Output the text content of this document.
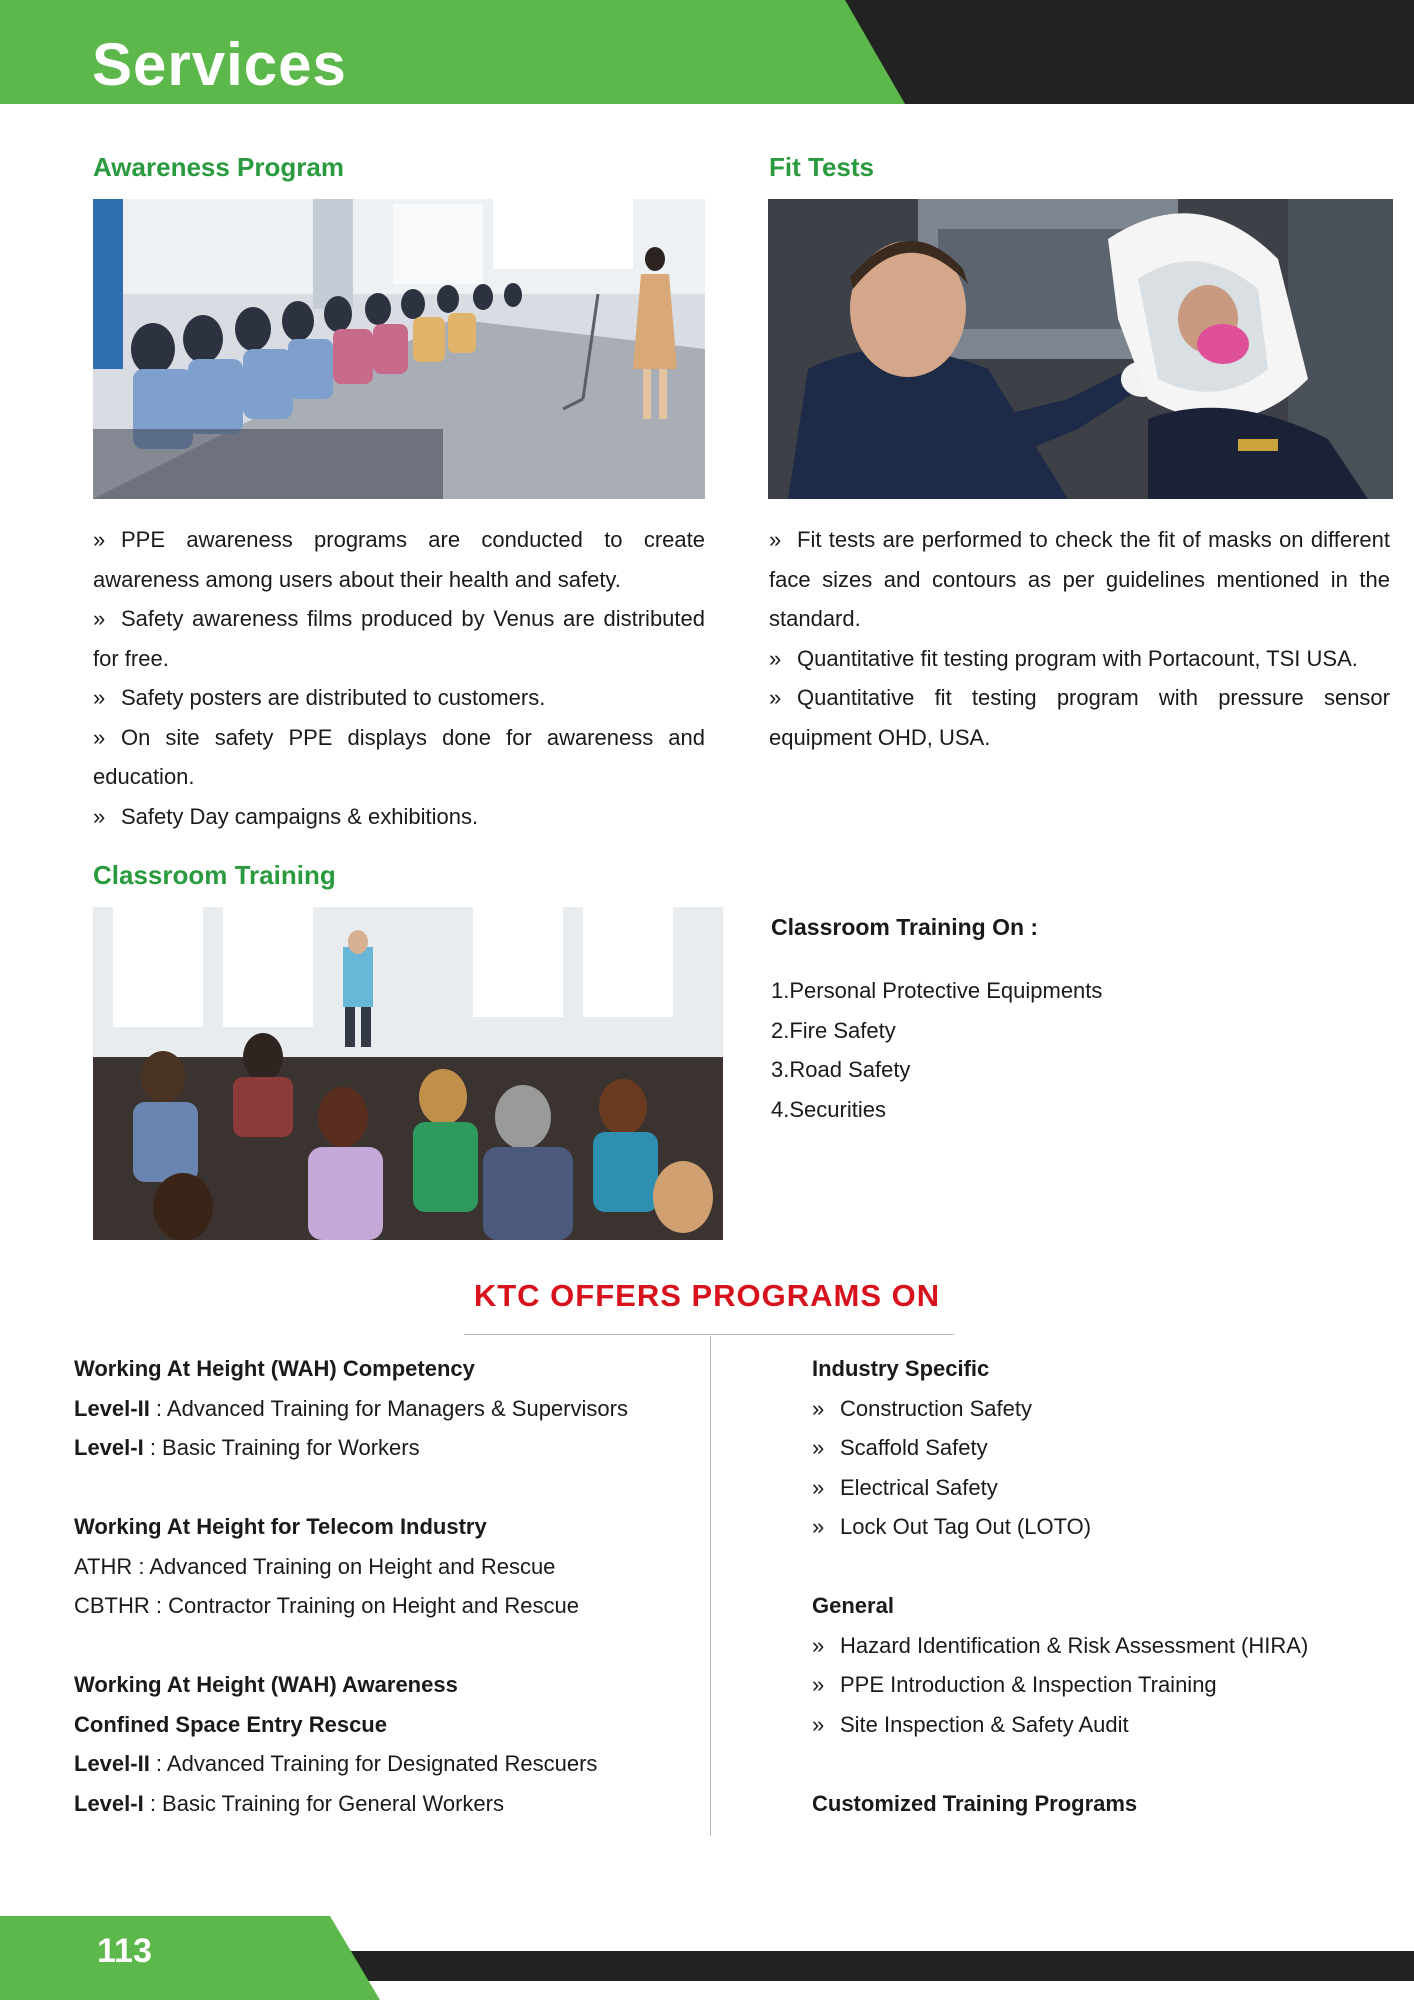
Services
Awareness Program

» PPE awareness programs are conducted to create awareness among users about their health and safety.

» Safety awareness films produced by Venus are distributed for free.

» Safety posters are distributed to customers.

» On site safety PPE displays done for awareness and education.

» Safety Day campaigns & exhibitions.

Fit Tests

» Fit tests are performed to check the fit of masks on different face sizes and contours as per guidelines mentioned in the standard.

» Quantitative fit testing program with Portacount, TSI USA.

» Quantitative fit testing program with pressure sensor equipment OHD, USA.

Classroom Training
Classroom Training On :

1.Personal Protective Equipments

2.Fire Safety

3.Road Safety

4.Securities

KTC OFFERS PROGRAMS ON
Working At Height (WAH) Competency
Level-II : Advanced Training for Managers & Supervisors
Level-I : Basic Training for Workers
Working At Height for Telecom Industry
ATHR : Advanced Training on Height and Rescue
CBTHR : Contractor Training on Height and Rescue
Working At Height (WAH) Awareness
Confined Space Entry Rescue
Level-II : Advanced Training for Designated Rescuers
Level-I : Basic Training for General Workers
Industry Specific
» Construction Safety
» Scaffold Safety
» Electrical Safety
» Lock Out Tag Out (LOTO)
General
» Hazard Identification & Risk Assessment (HIRA)
» PPE Introduction & Inspection Training
» Site Inspection & Safety Audit
Customized Training Programs
113
